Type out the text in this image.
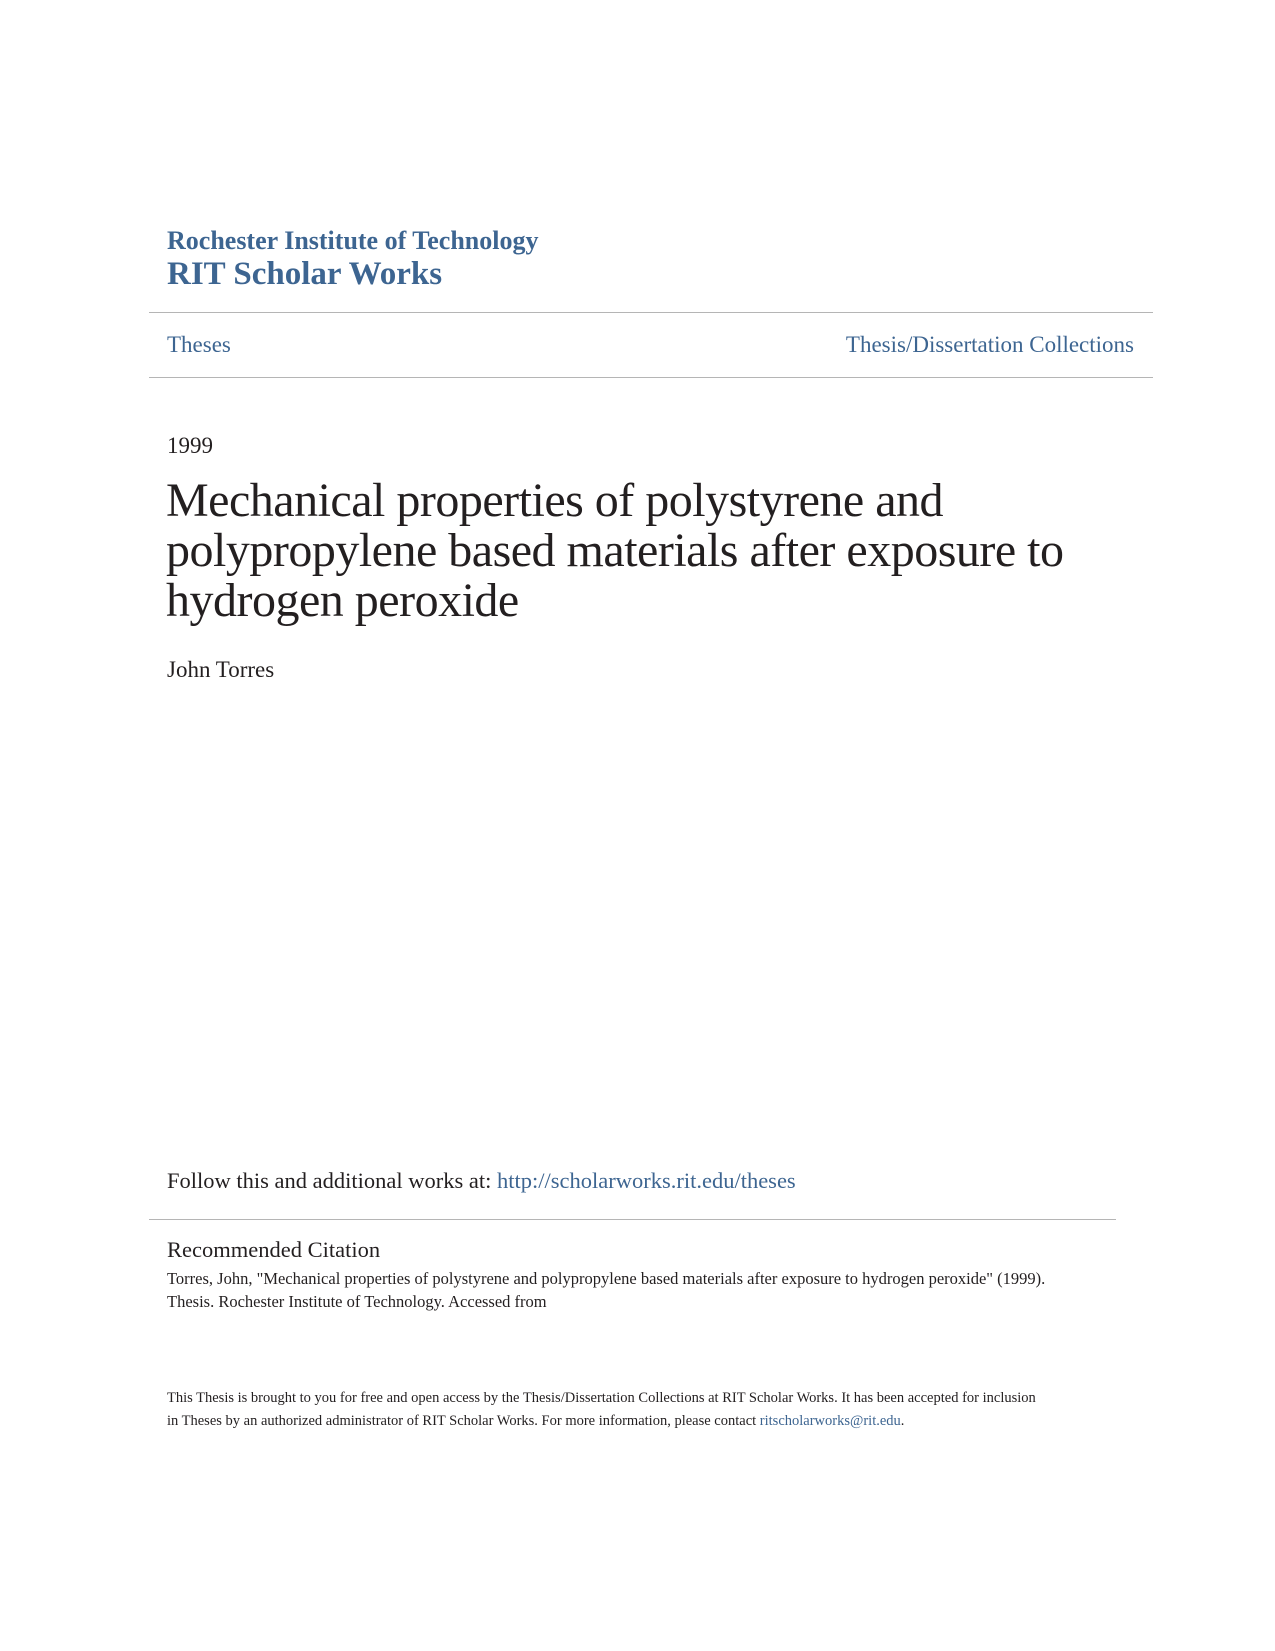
Rochester Institute of Technology
RIT Scholar Works
Theses	Thesis/Dissertation Collections
1999
Mechanical properties of polystyrene and polypropylene based materials after exposure to hydrogen peroxide
John Torres
Follow this and additional works at: http://scholarworks.rit.edu/theses
Recommended Citation
Torres, John, "Mechanical properties of polystyrene and polypropylene based materials after exposure to hydrogen peroxide" (1999).
Thesis. Rochester Institute of Technology. Accessed from
This Thesis is brought to you for free and open access by the Thesis/Dissertation Collections at RIT Scholar Works. It has been accepted for inclusion
in Theses by an authorized administrator of RIT Scholar Works. For more information, please contact ritscholarworks@rit.edu.
